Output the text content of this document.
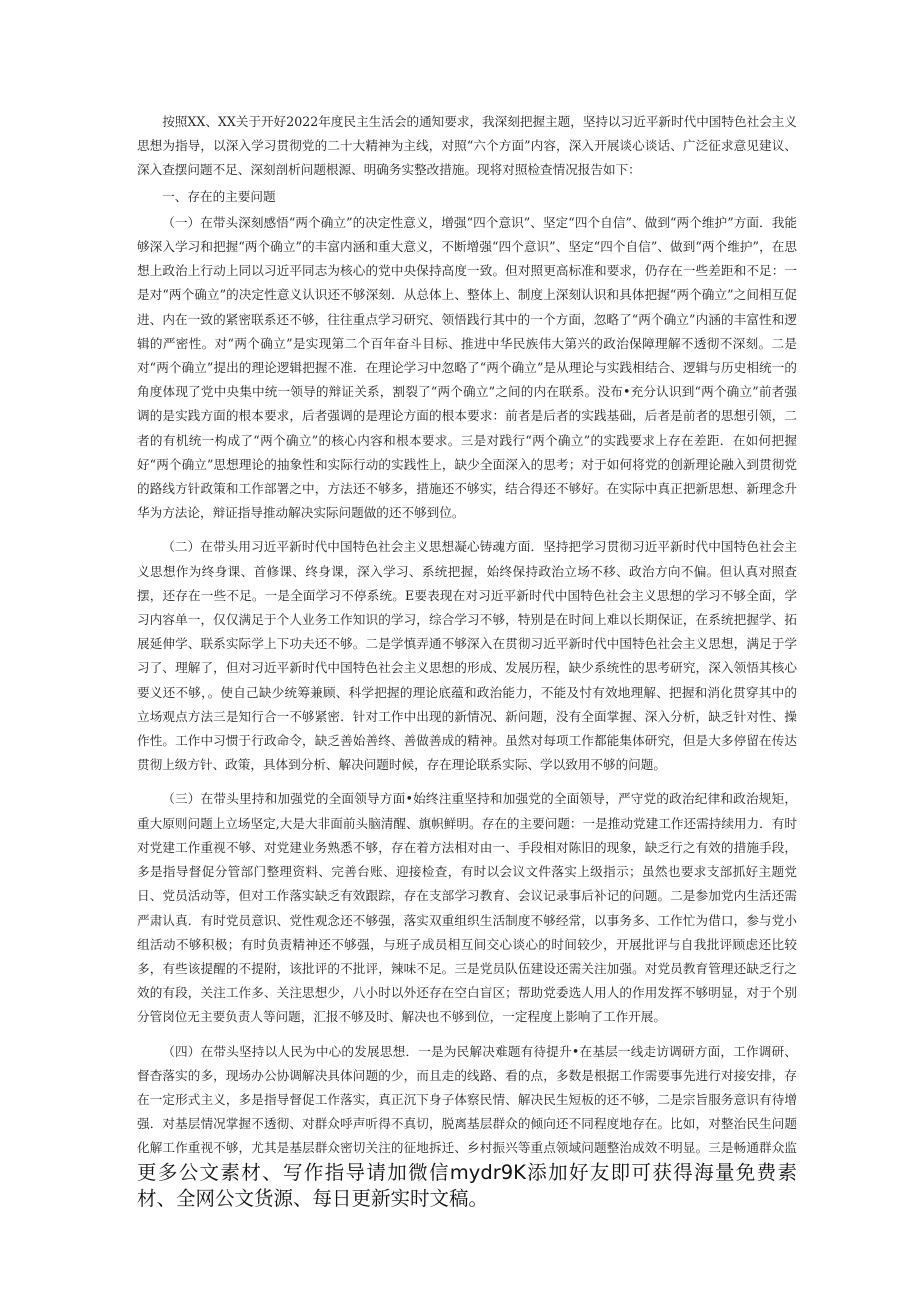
按照XX、XX关于开好2022年度民主生活会的通知要求，我深刻把握主题，坚持以习近平新时代中国特色社会主义思想为指导，以深入学习贯彻党的二十大精神为主线，对照“六个方面”内容，深入开展谈心谈话、广泛征求意见建议、深入查摆问题不足、深刻剖析问题根源、明确务实整改措施。现将对照检查情况报告如下：

一、存在的主要问题

（一）在带头深刻感悟“两个确立”的决定性意义，增强“四个意识”、坚定“四个自信”、做到“两个维护”方面．我能够深入学习和把握“两个确立”的丰富内涵和重大意义，不断增强“四个意识”、坚定“四个自信”、做到“两个维护”，在思想上政治上行动上同以习近平同志为核心的党中央保持高度一致。但对照更高标准和要求，仍存在一些差距和不足：一是对“两个确立”的决定性意义认识还不够深刻．从总体上、整体上、制度上深刻认识和具体把握“两个确立”之间相互促进、内在一致的紧密联系还不够，往往重点学习研究、领悟践行其中的一个方面，忽略了“两个确立”内涵的丰富性和逻辑的严密性。对“两个确立”是实现第二个百年奋斗目标、推进中华民族伟大第兴的政治保障理解不透彻不深刻。二是对“两个确立”提出的理论逻辑把握不准．在理论学习中忽略了“两个确立”是从理论与实践相结合、逻辑与历史相统一的角度体现了党中央集中统一领导的辩证关系，割裂了“两个确立”之间的内在联系。没布•充分认识到“两个确立”前者强调的是实践方面的根本要求，后者强调的是理论方面的根本要求：前者是后者的实践基础，后者是前者的思想引领，二者的有机统一构成了“两个确立”的核心内容和根本要求。三是对践行“两个确立”的实践要求上存在差距．在如何把握好“两个确立”思想理论的抽象性和实际行动的实践性上，缺少全面深入的思考；对于如何将党的创新理论融入到贯彻党的路线方针政策和工作部署之中，方法还不够多，措施还不够实，结合得还不够好。在实际中真正把新思想、新理念升华为方法论，辩证指导推动解决实际问题做的还不够到位。

（二）在带头用习近平新时代中国特色社会主义思想凝心铸魂方面．坚持把学习贯彻习近平新时代中国特色社会主义思想作为终身课、首修课、终身课，深入学习、系统把握，始终保持政治立场不移、政治方向不偏。但认真对照查摆，还存在一些不足。一是全面学习不停系统。E要表现在对习近平新时代中国特色社会主义思想的学习不够全面，学习内容单一，仅仅满足于个人业务工作知识的学习，综合学习不够，特别是在时间上难以长期保证，在系统把握学、拓展延伸学、联系实际学上下功夫还不够。二是学慎弄通不够深入在贯彻习近平新时代中国特色社会主义思想，满足于学习了、理解了，但对习近平新时代中国特色社会主义思想的形成、发展历程，缺少系统性的思考研究，深入领悟其核心要义还不够，。使自己缺少统筹兼顾、科学把握的理论底蕴和政治能力，不能及忖有效地理解、把握和消化贯穿其中的立场观点方法三是知行合一不够紧密．针对工作中出现的新情况、新问题，没有全面掌握、深入分析，缺乏针对性、操作性。工作中习惯于行政命令，缺乏善始善终、善做善成的精神。虽然对每项工作都能集体研究，但是大多停留在传达贯彻上级方针、政策，具体到分析、解决问题时候，存在理论联系实际、学以致用不够的问题。

（三）在带头里持和加强党的全面领导方面•始终注重坚持和加强党的全面领导，严守党的政治纪律和政治规矩，重大原则问题上立场坚定,大是大非面前头脑清醒、旗帜鲜明。存在的主要问题：一是推动党建工作还需持续用力．有时对党建工作重视不够、对党建业务熟悉不够，存在着方法相对由一、手段相对陈旧的现象，缺乏行之有效的措施手段，多是指导督促分管部门整理资料、完善台账、迎接检查，有时以会议文件落实上级指示；虽然也要求支部抓好主题党日、党员活动等，但对工作落实缺乏有效跟踪，存在支部学习教育、会议记录事后补记的问题。二是参加党内生活还需严肃认真．有时党员意识、党性观念还不够强，落实双重组织生活制度不够经常，以事务多、工作忙为借口，参与党小组活动不够积极；有时负责精神还不够强，与班子成员相互间交心谈心的时间较少，开展批评与自我批评顾虑还比较多，有些该提醒的不提附，该批评的不批评，辣味不足。三是党员队伍建设还需关注加强。对党员教育管理还缺乏行之效的有段，关注工作多、关注思想少，八小时以外还存在空白盲区；帮助党委选人用人的作用发挥不够明显，对于个别分管岗位无主要负责人等问题，汇报不够及时、解决也不够到位，一定程度上影响了工作开展。

（四）在带头坚持以人民为中心的发展思想．一是为民解决难题有待提升•在基层一线走访调研方面，工作调研、督杳落实的多，现场办公协调解决具体问题的少，而且走的线路、看的点，多数是根据工作需要事先进行对接安排，存在一定形式主义，多是指导督促工作落实，真正沉下身子体察民情、解决民生短板的还不够，二是宗旨服务意识有待增强．对基层情况掌握不透彻、对群众呼声听得不真切，脱离基层群众的倾向还不同程度地存在。比如，对整治民生问题化解工作重视不够，尤其是基层群众密切关注的征地拆迁、乡村振兴等重点领域问题整治成效不明显。三是畅通群众监更多公文素材、写作指导请加微信mydr9K添加好友即可获得海量免费素材、全网公文货源、每日更新实时文稿。
